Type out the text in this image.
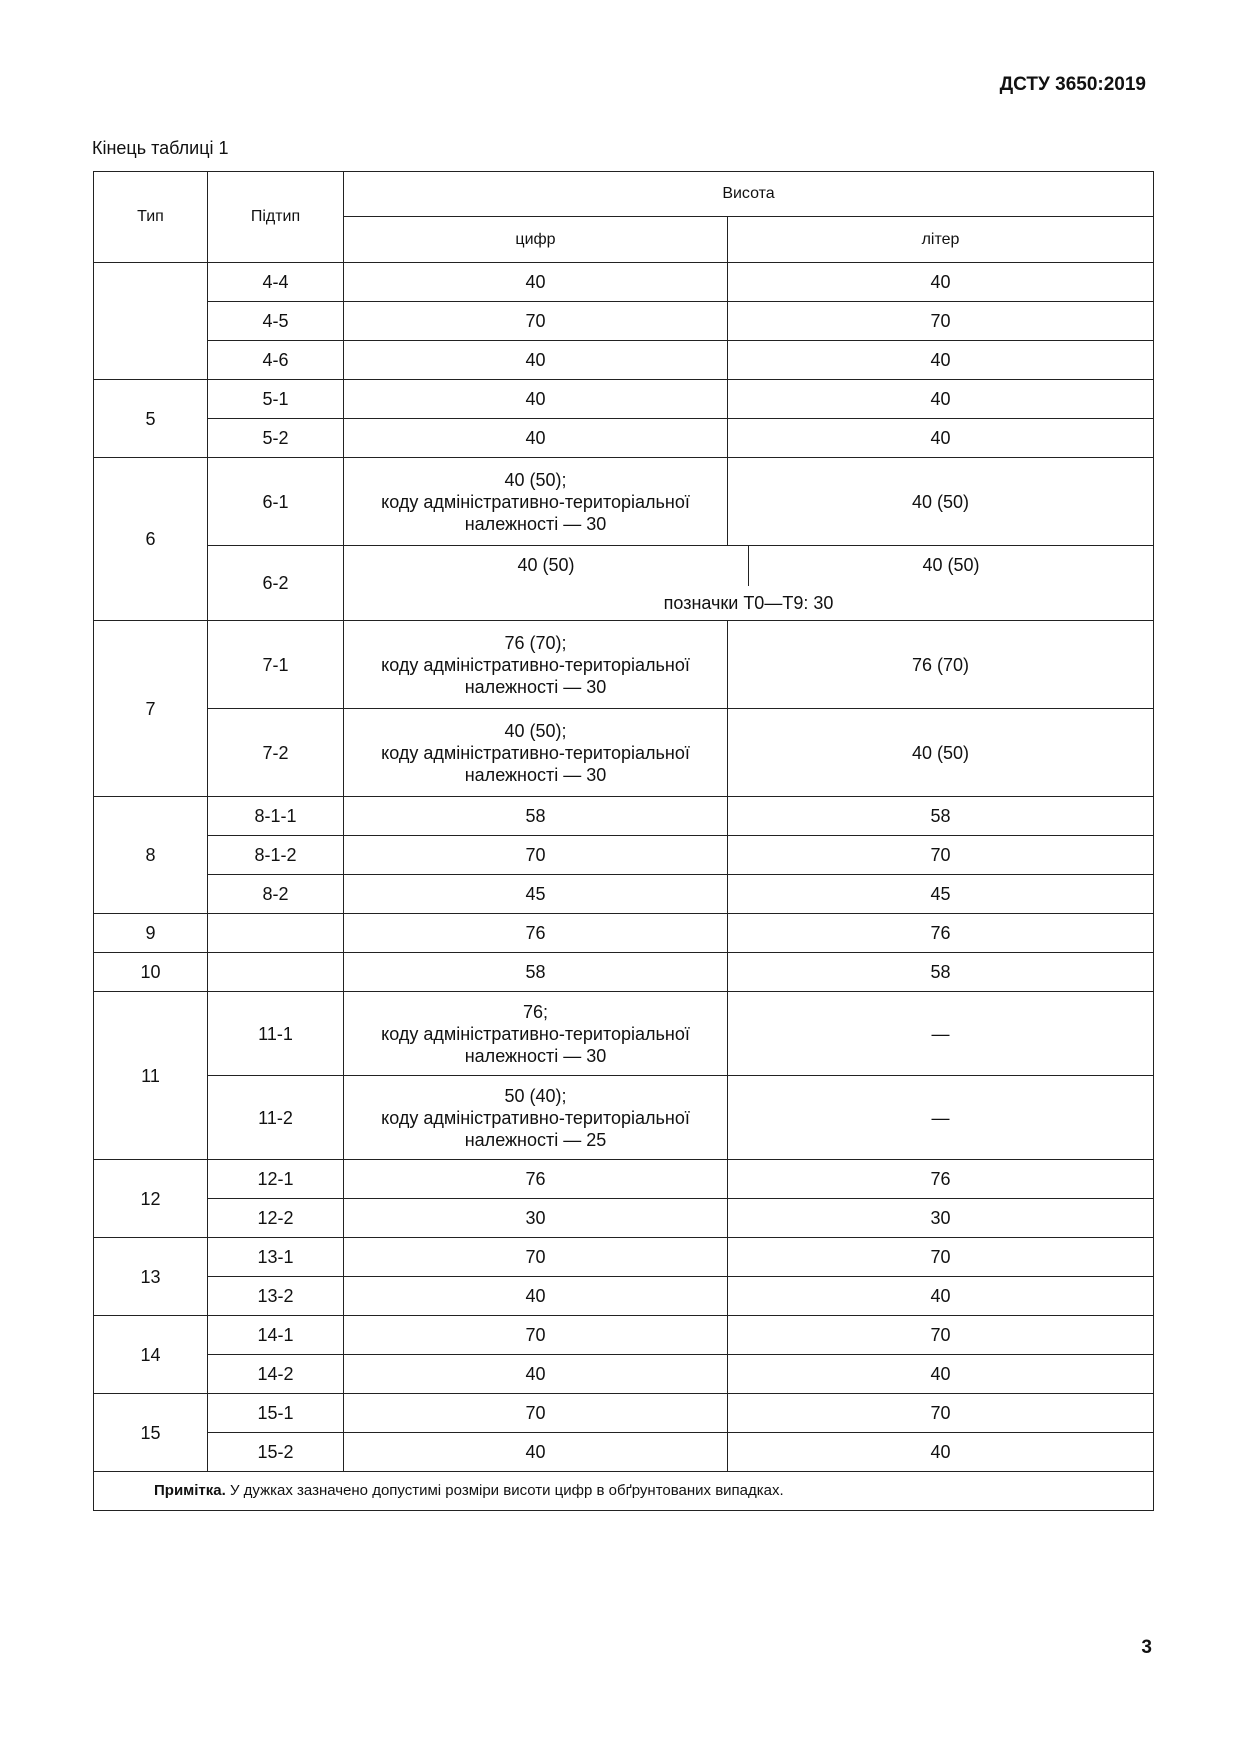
ДСТУ 3650:2019
Кінець таблиці 1
Тип	Підтип	Висота	
		цифр	літер
	4-4	40	40
	4-5	70	70
	4-6	40	40
5	5-1	40	40
	5-2	40	40
6	6-1	40 (50);
коду адміністративно-територіальної
належності — 30	40 (50)
	6-2	40 (50) 40 (50)
позначки Т0—Т9: 30	

7	7-1	76 (70);
коду адміністративно-територіальної
належності — 30	76 (70)
	7-2	40 (50);
коду адміністративно-територіальної
належності — 30	40 (50)
8	8-1-1	58	58
	8-1-2	70	70
	8-2	45	45
9		76	76
10		58	58
11	11-1	76;
коду адміністративно-територіальної
належності — 30	—
	11-2	50 (40);
коду адміністративно-територіальної
належності — 25	—
12	12-1	76	76
	12-2	30	30
13	13-1	70	70
	13-2	40	40
14	14-1	70	70
	14-2	40	40
15	15-1	70	70
	15-2	40	40
Примітка. У дужках зазначено допустимі розміри висоти цифр в обґрунтованих випадках.			
3
